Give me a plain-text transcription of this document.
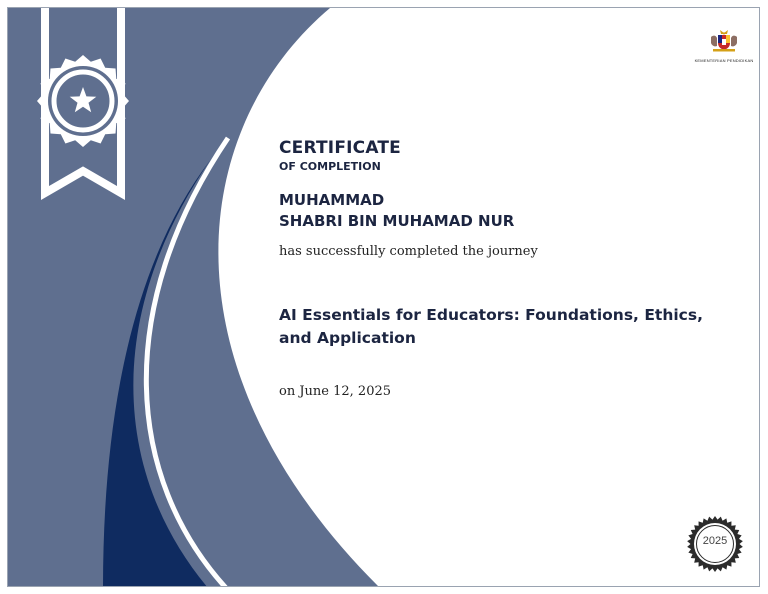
KEMENTERIAN PENDIDIKAN
CERTIFICATE

OF COMPLETION

MUHAMMAD
SHABRI BIN MUHAMAD NUR

has successfully completed the journey

AI Essentials for Educators: Foundations, Ethics,
and Application

on June 12, 2025

2025
